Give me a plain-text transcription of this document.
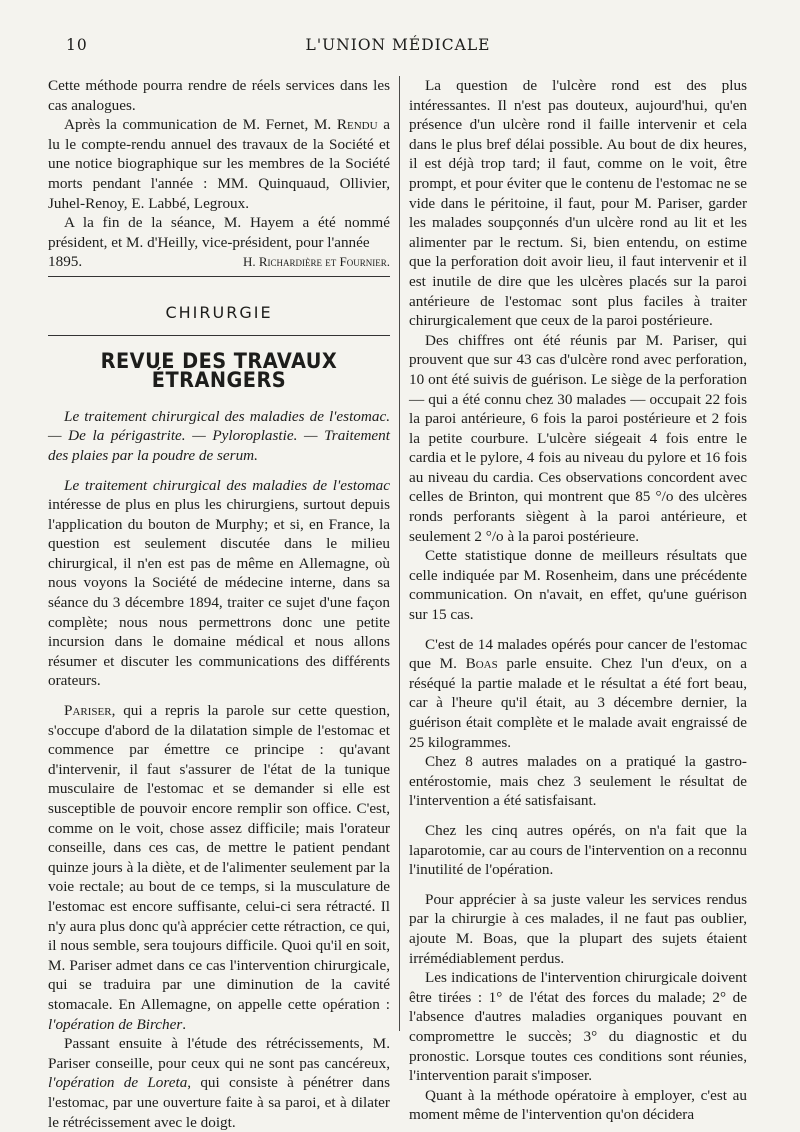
10	L'UNION MÉDICALE

Cette méthode pourra rendre de réels services dans les cas analogues.

Après la communication de M. Fernet, M. Rendu a lu le compte-rendu annuel des travaux de la Société et une notice biographique sur les membres de la Société morts pendant l'année : MM. Quinquaud, Ollivier, Juhel-Renoy, E. Labbé, Legroux.

A la fin de la séance, M. Hayem a été nommé président, et M. d'Heilly, vice-président, pour l'année

1895.	H. Richardière et Fournier.
CHIRURGIE
REVUE DES TRAVAUX ÉTRANGERS

Le traitement chirurgical des maladies de l'estomac. — De la périgastrite. — Pyloroplastie. — Traitement des plaies par la poudre de serum.

Le traitement chirurgical des maladies de l'estomac intéresse de plus en plus les chirurgiens, surtout depuis l'application du bouton de Murphy; et si, en France, la question est seulement discutée dans le milieu chirurgical, il n'en est pas de même en Allemagne, où nous voyons la Société de médecine interne, dans sa séance du 3 décembre 1894, traiter ce sujet d'une façon complète; nous nous permettrons donc une petite incursion dans le domaine médical et nous allons résumer et discuter les communications des différents orateurs.

Pariser, qui a repris la parole sur cette question, s'occupe d'abord de la dilatation simple de l'estomac et commence par émettre ce principe : qu'avant d'intervenir, il faut s'assurer de l'état de la tunique musculaire de l'estomac et se demander si elle est susceptible de pouvoir encore remplir son office. C'est, comme on le voit, chose assez difficile; mais l'orateur conseille, dans ces cas, de mettre le patient pendant quinze jours à la diète, et de l'alimenter seulement par la voie rectale; au bout de ce temps, si la musculature de l'estomac est encore suffisante, celui-ci sera rétracté. Il n'y aura plus donc qu'à apprécier cette rétraction, ce qui, il nous semble, sera toujours difficile. Quoi qu'il en soit, M. Pariser admet dans ce cas l'intervention chirurgicale, qui se traduira par une diminution de la cavité stomacale. En Allemagne, on appelle cette opération : l'opération de Bircher.

Passant ensuite à l'étude des rétrécissements, M. Pariser conseille, pour ceux qui ne sont pas cancéreux, l'opération de Loreta, qui consiste à pénétrer dans l'estomac, par une ouverture faite à sa paroi, et à dilater le rétrécissement avec le doigt.

La question de l'ulcère rond est des plus intéressantes. Il n'est pas douteux, aujourd'hui, qu'en présence d'un ulcère rond il faille intervenir et cela dans le plus bref délai possible. Au bout de dix heures, il est déjà trop tard; il faut, comme on le voit, être prompt, et pour éviter que le contenu de l'estomac ne se vide dans le péritoine, il faut, pour M. Pariser, garder les malades soupçonnés d'un ulcère rond au lit et les alimenter par le rectum. Si, bien entendu, on estime que la perforation doit avoir lieu, il faut intervenir et il est inutile de dire que les ulcères placés sur la paroi antérieure de l'estomac sont plus faciles à traiter chirurgicalement que ceux de la paroi postérieure.

Des chiffres ont été réunis par M. Pariser, qui prouvent que sur 43 cas d'ulcère rond avec perforation, 10 ont été suivis de guérison. Le siège de la perforation — qui a été connu chez 30 malades — occupait 22 fois la paroi antérieure, 6 fois la paroi postérieure et 2 fois la petite courbure. L'ulcère siégeait 4 fois entre le cardia et le pylore, 4 fois au niveau du pylore et 16 fois au niveau du cardia. Ces observations concordent avec celles de Brinton, qui montrent que 85 °/o des ulcères ronds perforants siègent à la paroi antérieure, et seulement 2 °/o à la paroi postérieure.

Cette statistique donne de meilleurs résultats que celle indiquée par M. Rosenheim, dans une précédente communication. On n'avait, en effet, qu'une guérison sur 15 cas.

C'est de 14 malades opérés pour cancer de l'estomac que M. Boas parle ensuite. Chez l'un d'eux, on a réséqué la partie malade et le résultat a été fort beau, car à l'heure qu'il était, au 3 décembre dernier, la guérison était complète et le malade avait engraissé de 25 kilogrammes.

Chez 8 autres malades on a pratiqué la gastro-entérostomie, mais chez 3 seulement le résultat de l'intervention a été satisfaisant.

Chez les cinq autres opérés, on n'a fait que la laparotomie, car au cours de l'intervention on a reconnu l'inutilité de l'opération.

Pour apprécier à sa juste valeur les services rendus par la chirurgie à ces malades, il ne faut pas oublier, ajoute M. Boas, que la plupart des sujets étaient irrémédiablement perdus.

Les indications de l'intervention chirurgicale doivent être tirées : 1° de l'état des forces du malade; 2° de l'absence d'autres maladies organiques pouvant en compromettre le succès; 3° du diagnostic et du pronostic. Lorsque toutes ces conditions sont réunies, l'intervention parait s'imposer.

Quant à la méthode opératoire à employer, c'est au moment même de l'intervention qu'on décidera
